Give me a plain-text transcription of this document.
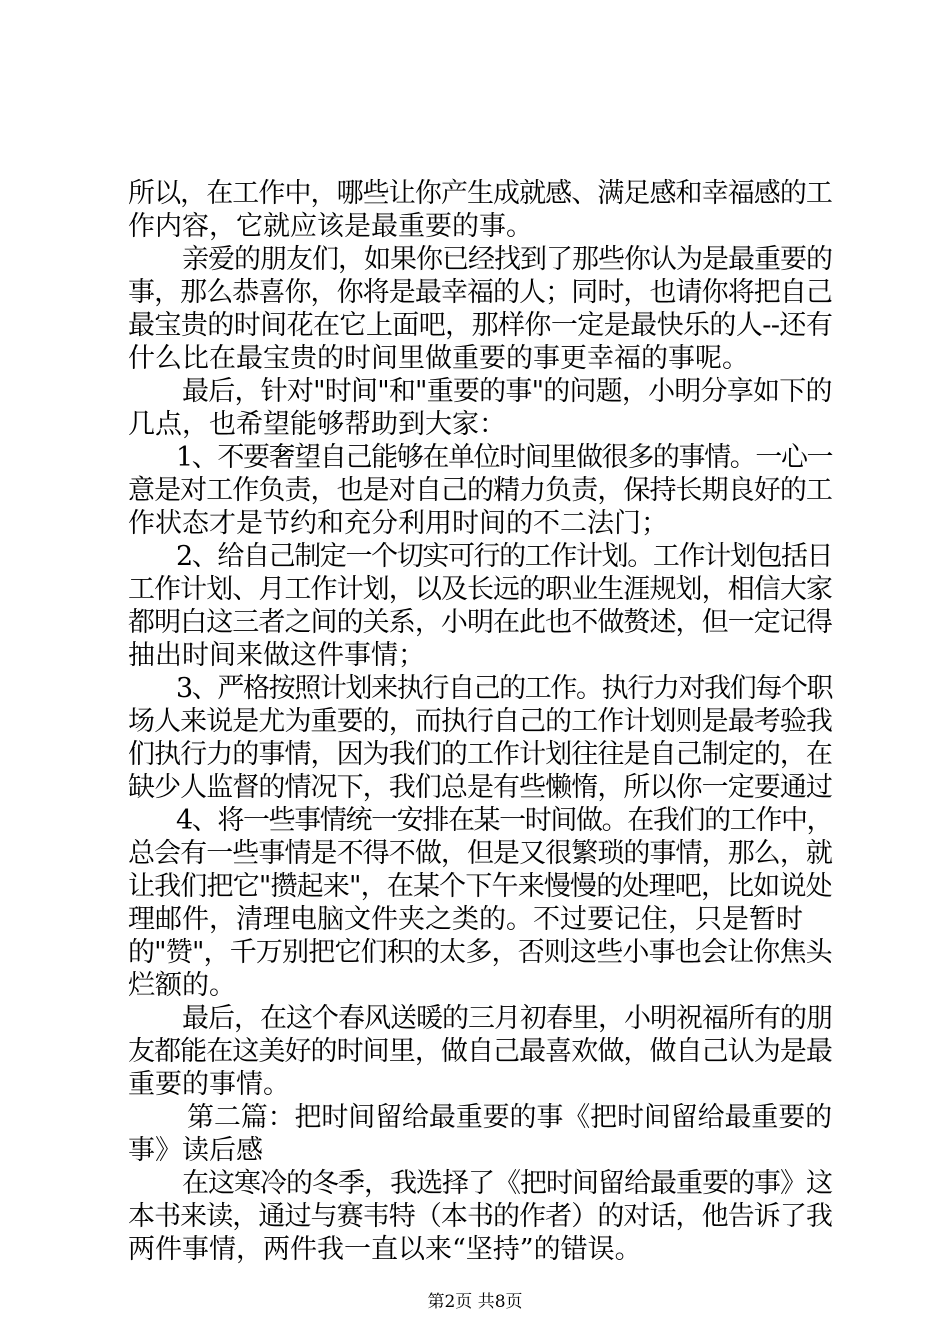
所以，在工作中，哪些让你产生成就感、满足感和幸福感的工
作内容，它就应该是最重要的事。
亲爱的朋友们，如果你已经找到了那些你认为是最重要的
事，那么恭喜你，你将是最幸福的人；同时，也请你将把自己
最宝贵的时间花在它上面吧，那样你一定是最快乐的人--还有
什么比在最宝贵的时间里做重要的事更幸福的事呢。
最后，针对"时间"和"重要的事"的问题，小明分享如下的
几点，也希望能够帮助到大家：
1、不要奢望自己能够在单位时间里做很多的事情。一心一
意是对工作负责，也是对自己的精力负责，保持长期良好的工
作状态才是节约和充分利用时间的不二法门；
2、给自己制定一个切实可行的工作计划。工作计划包括日
工作计划、月工作计划，以及长远的职业生涯规划，相信大家
都明白这三者之间的关系，小明在此也不做赘述，但一定记得
抽出时间来做这件事情；
3、严格按照计划来执行自己的工作。执行力对我们每个职
场人来说是尤为重要的，而执行自己的工作计划则是最考验我
们执行力的事情，因为我们的工作计划往往是自己制定的，在
缺少人监督的情况下，我们总是有些懒惰，所以你一定要通过
4、将一些事情统一安排在某一时间做。在我们的工作中，
总会有一些事情是不得不做，但是又很繁琐的事情，那么，就
让我们把它"攒起来"，在某个下午来慢慢的处理吧，比如说处
理邮件，清理电脑文件夹之类的。不过要记住，只是暂时
的"赞"，千万别把它们积的太多，否则这些小事也会让你焦头
烂额的。
最后，在这个春风送暖的三月初春里，小明祝福所有的朋
友都能在这美好的时间里，做自己最喜欢做，做自己认为是最
重要的事情。
第二篇：把时间留给最重要的事《把时间留给最重要的
事》读后感
在这寒冷的冬季，我选择了《把时间留给最重要的事》这
本书来读，通过与赛韦特（本书的作者）的对话，他告诉了我
两件事情，两件我一直以来“坚持”的错误。
第2页 共8页
